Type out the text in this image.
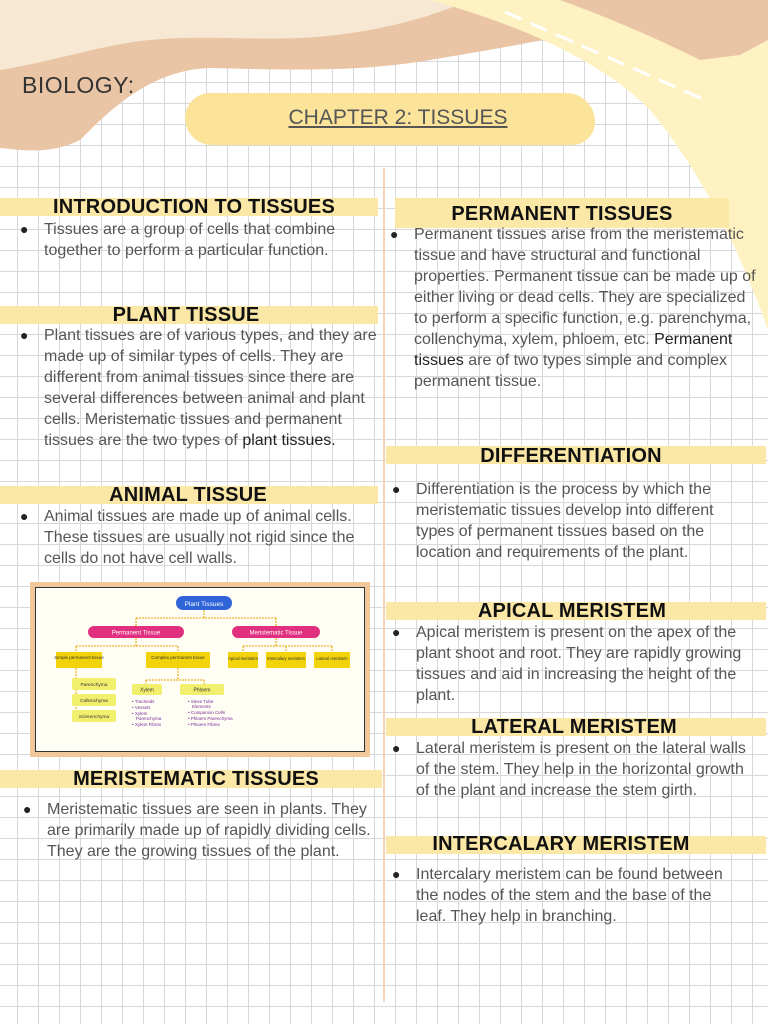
BIOLOGY:
CHAPTER 2: TISSUES
INTRODUCTION TO TISSUES
● Tissues are a group of cells that combine together to perform a particular function.
PLANT TISSUE
● Plant tissues are of various types, and they are made up of similar types of cells. They are different from animal tissues since there are several differences between animal and plant cells. Meristematic tissues and permanent tissues are the two types of plant tissues.
ANIMAL TISSUE
● Animal tissues are made up of animal cells. These tissues are usually not rigid since the cells do not have cell walls.
Plant Tissues
Permanent Tissue	Meristematic Tissue
Simple permanent tissue	Complex permanent tissue	Apical meristem Intercalary meristem	Lateral meristem
Parenchyma
Collenchyma
Sclerenchyma
Xylem	Phloem
• Tracheids
• Vessels
• Xylem
Parenchyma
• Xylem Fibres
• Sieve Tube
Elements
• Companion Cells
• Phloem Parenchyma
• Phloem Fibres
MERISTEMATIC TISSUES
● Meristematic tissues are seen in plants. They are primarily made up of rapidly dividing cells. They are the growing tissues of the plant.
PERMANENT TISSUES
● Permanent tissues arise from the meristematic tissue and have structural and functional properties. Permanent tissue can be made up of either living or dead cells. They are specialized to perform a specific function, e.g. parenchyma, collenchyma, xylem, phloem, etc. Permanent tissues are of two types simple and complex permanent tissue.
DIFFERENTIATION
● Differentiation is the process by which the meristematic tissues develop into different types of permanent tissues based on the location and requirements of the plant.
APICAL MERISTEM
● Apical meristem is present on the apex of the plant shoot and root. They are rapidly growing tissues and aid in increasing the height of the plant.
LATERAL MERISTEM
● Lateral meristem is present on the lateral walls of the stem. They help in the horizontal growth of the plant and increase the stem girth.
INTERCALARY MERISTEM
● Intercalary meristem can be found between the nodes of the stem and the base of the leaf. They help in branching.
